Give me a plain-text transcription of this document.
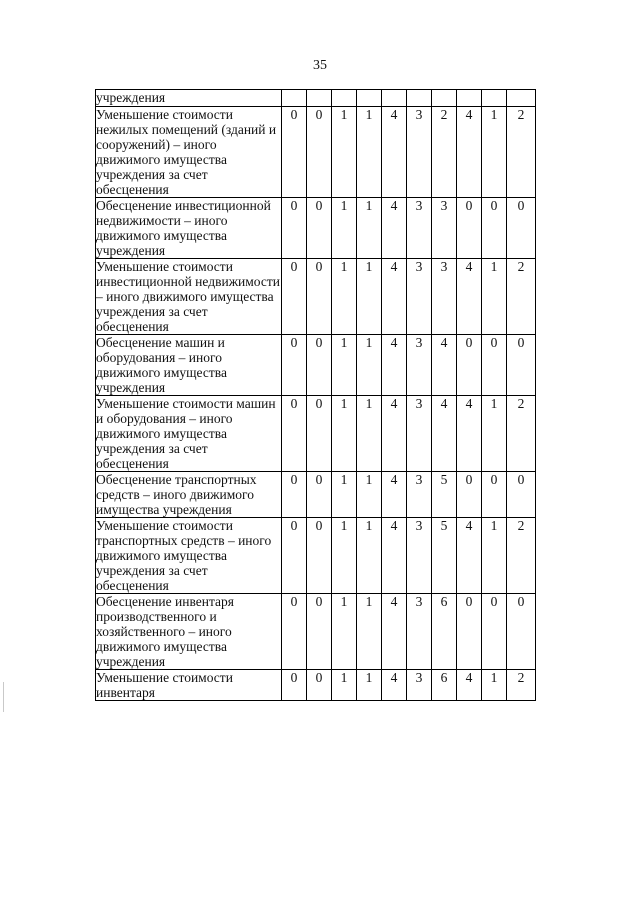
35
учреждения										
Уменьшение стоимости нежилых помещений (зданий и сооружений) – иного движимого имущества учреждения за счет обесценения	0	0	1	1	4	3	2	4	1	2
Обесценение инвестиционной недвижимости – иного движимого имущества учреждения	0	0	1	1	4	3	3	0	0	0
Уменьшение стоимости инвестиционной недвижимости – иного движимого имущества учреждения за счет обесценения	0	0	1	1	4	3	3	4	1	2
Обесценение машин и оборудования – иного движимого имущества учреждения	0	0	1	1	4	3	4	0	0	0
Уменьшение стоимости машин и оборудования – иного движимого имущества учреждения за счет обесценения	0	0	1	1	4	3	4	4	1	2
Обесценение транспортных средств – иного движимого имущества учреждения	0	0	1	1	4	3	5	0	0	0
Уменьшение стоимости транспортных средств – иного движимого имущества учреждения за счет обесценения	0	0	1	1	4	3	5	4	1	2
Обесценение инвентаря производственного и хозяйственного – иного движимого имущества учреждения	0	0	1	1	4	3	6	0	0	0
Уменьшение стоимости инвентаря	0	0	1	1	4	3	6	4	1	2
